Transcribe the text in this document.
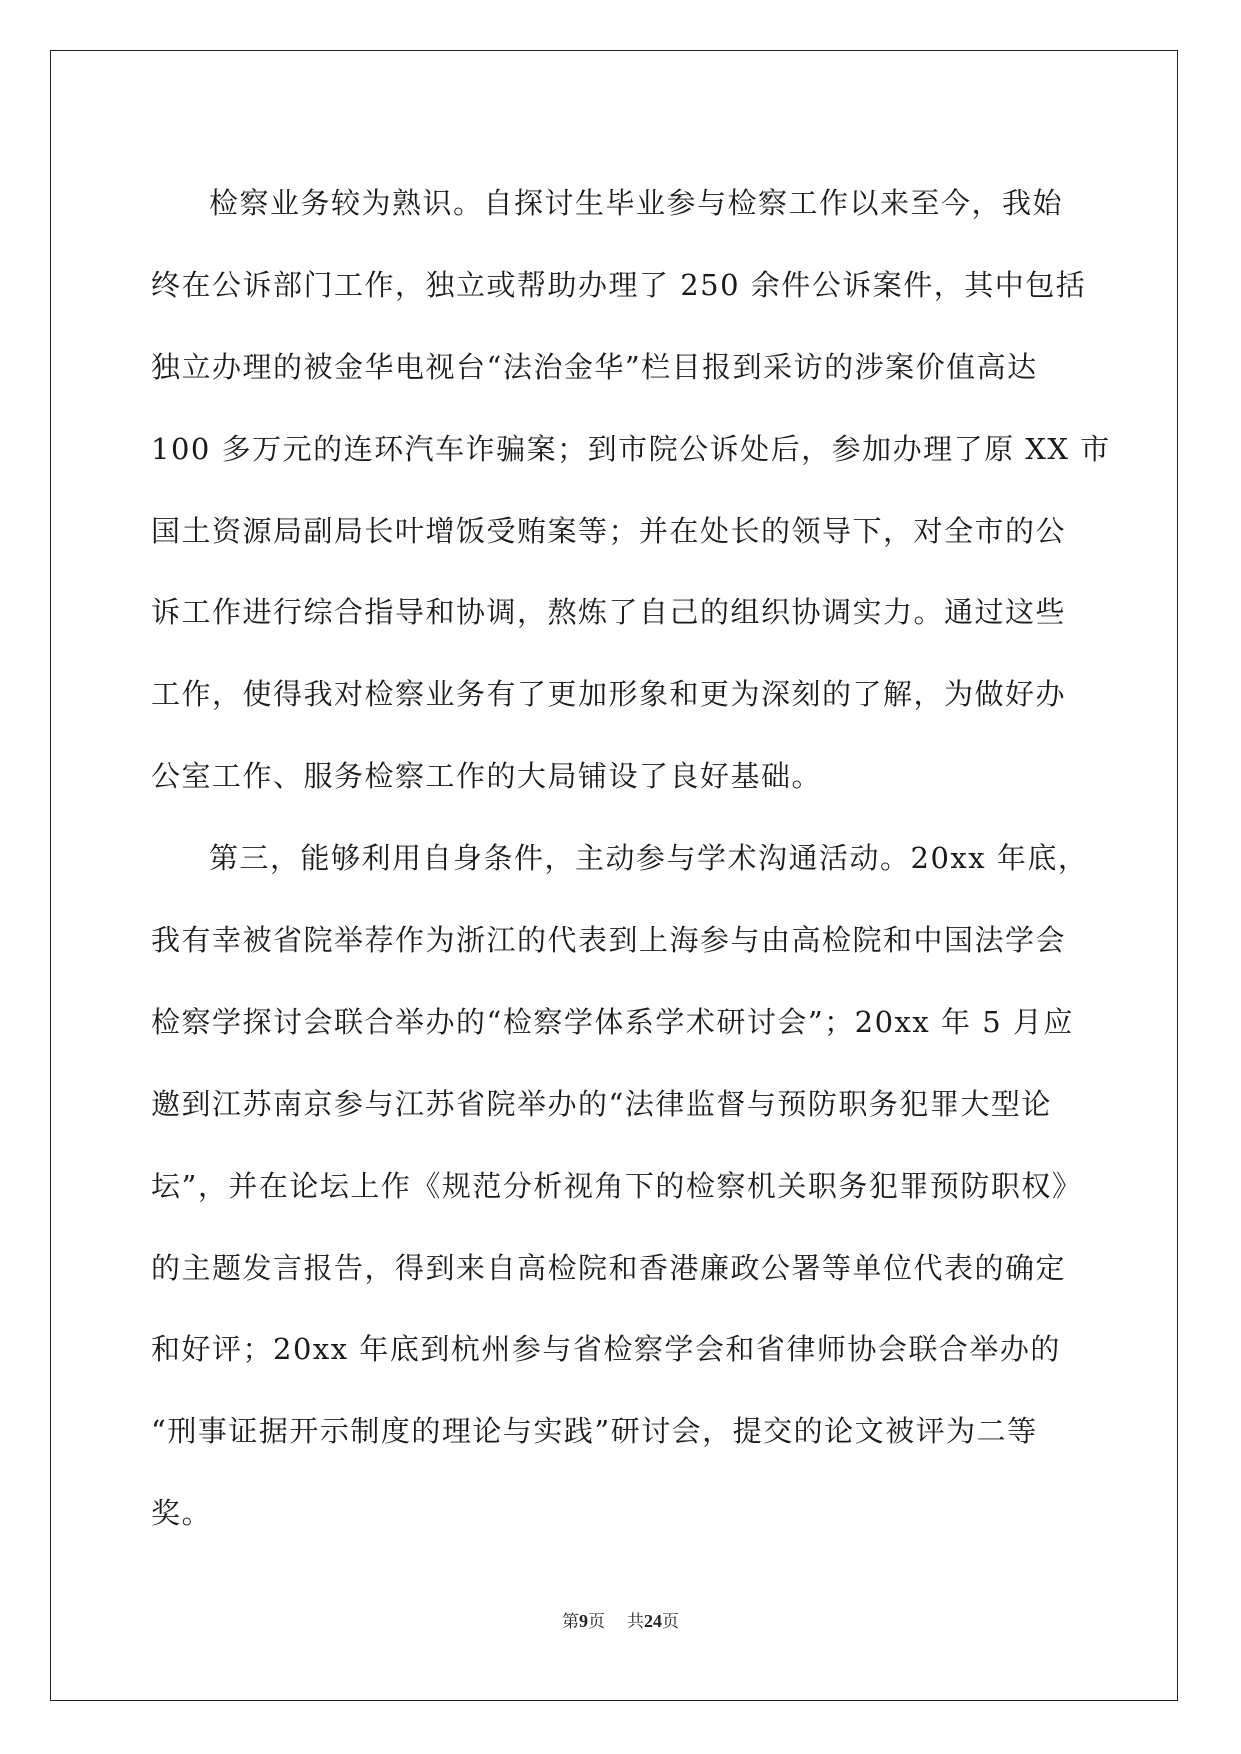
检察业务较为熟识。自探讨生毕业参与检察工作以来至今，我始
终在公诉部门工作，独立或帮助办理了 250 余件公诉案件，其中包括
独立办理的被金华电视台“法治金华”栏目报到采访的涉案价值高达
100 多万元的连环汽车诈骗案；到市院公诉处后，参加办理了原 XX 市
国土资源局副局长叶增饭受贿案等；并在处长的领导下，对全市的公
诉工作进行综合指导和协调，熬炼了自己的组织协调实力。通过这些
工作，使得我对检察业务有了更加形象和更为深刻的了解，为做好办
公室工作、服务检察工作的大局铺设了良好基础。
第三，能够利用自身条件，主动参与学术沟通活动。20xx 年底，
我有幸被省院举荐作为浙江的代表到上海参与由高检院和中国法学会
检察学探讨会联合举办的“检察学体系学术研讨会”；20xx 年 5 月应
邀到江苏南京参与江苏省院举办的“法律监督与预防职务犯罪大型论
坛”，并在论坛上作《规范分析视角下的检察机关职务犯罪预防职权》
的主题发言报告，得到来自高检院和香港廉政公署等单位代表的确定
和好评；20xx 年底到杭州参与省检察学会和省律师协会联合举办的
“刑事证据开示制度的理论与实践”研讨会，提交的论文被评为二等
奖。
第9页 共24页
